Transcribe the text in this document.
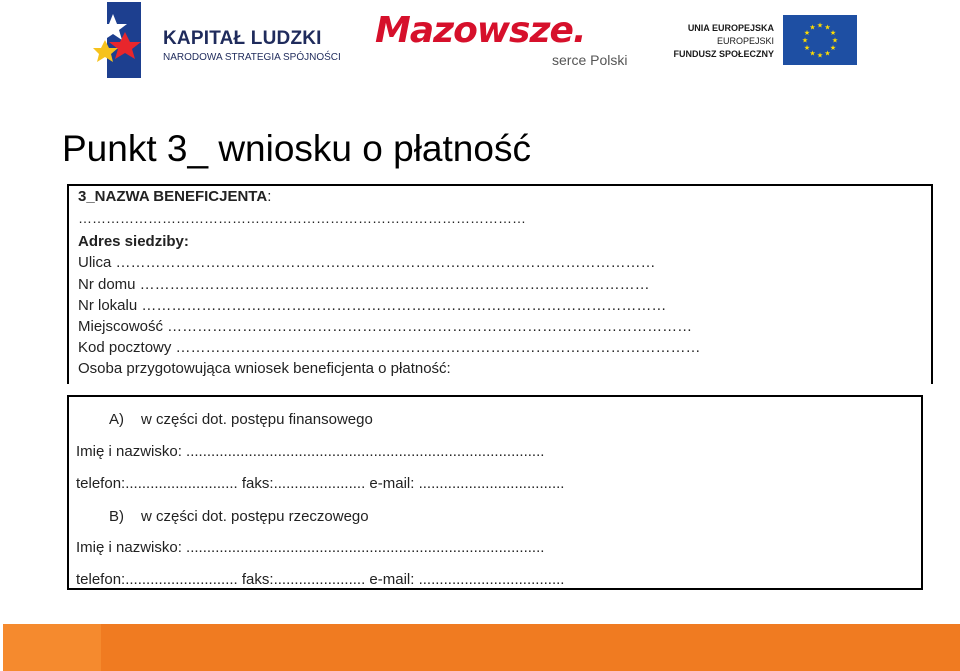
KAPITAŁ LUDZKI
NARODOWA STRATEGIA SPÓJNOŚCI
Mazowsze.
serce Polski
UNIA EUROPEJSKA
EUROPEJSKI
FUNDUSZ SPOŁECZNY
★
★
★
★
★
★
★
★
★ ★ ★
★
Punkt 3_ wniosku o płatność
3_NAZWA BENEFICJENTA:
……………………………………………………………………………………
Adres siedziby:
Ulica ………………………………………………………………………………………………
Nr domu …………………………………………………………………………………………
Nr lokalu ……………………………………………………………………………………………
Miejscowość ……………………………………………………………………………………………
Kod pocztowy ……………………………………………………………………………………………
Osoba przygotowująca wniosek beneficjenta o płatność:
A) w części dot. postępu finansowego
Imię i nazwisko: ......................................................................................
telefon:........................... faks:...................... e-mail: ...................................
B) w części dot. postępu rzeczowego
Imię i nazwisko: ......................................................................................
telefon:........................... faks:...................... e-mail: ...................................
